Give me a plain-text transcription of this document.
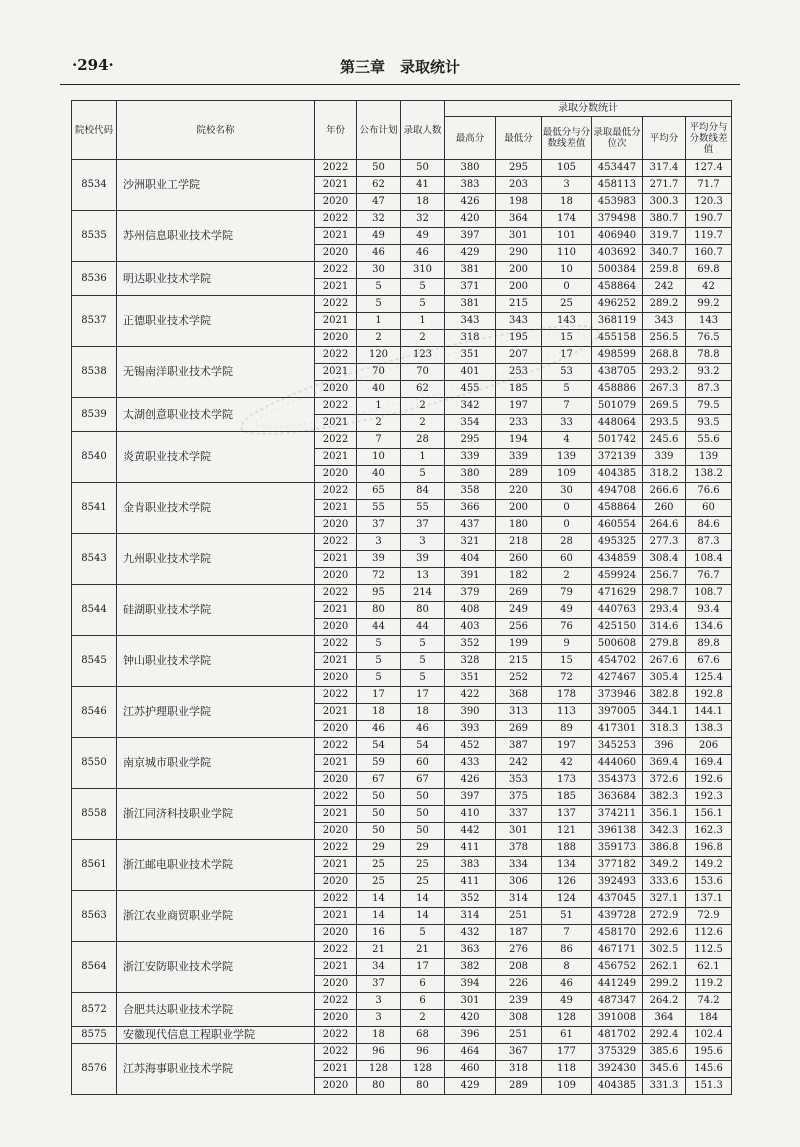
·294·	第三章　录取统计
院校代码	院校名称	年份	公布计划	录取人数	录取分数统计					
					最高分	最低分	最低分与分数线差值	录取最低分位次	平均分	平均分与分数线差值
8534	沙洲职业工学院	2022	50	50	380	295	105	453447	317.4	127.4
		2021	62	41	383	203	3	458113	271.7	71.7
		2020	47	18	426	198	18	453983	300.3	120.3
8535	苏州信息职业技术学院	2022	32	32	420	364	174	379498	380.7	190.7
		2021	49	49	397	301	101	406940	319.7	119.7
		2020	46	46	429	290	110	403692	340.7	160.7
8536	明达职业技术学院	2022	30	310	381	200	10	500384	259.8	69.8
		2021	5	5	371	200	0	458864	242	42
8537	正德职业技术学院	2022	5	5	381	215	25	496252	289.2	99.2
		2021	1	1	343	343	143	368119	343	143
		2020	2	2	318	195	15	455158	256.5	76.5
8538	无锡南洋职业技术学院	2022	120	123	351	207	17	498599	268.8	78.8
		2021	70	70	401	253	53	438705	293.2	93.2
		2020	40	62	455	185	5	458886	267.3	87.3
8539	太湖创意职业技术学院	2022	1	2	342	197	7	501079	269.5	79.5
		2021	2	2	354	233	33	448064	293.5	93.5
8540	炎黄职业技术学院	2022	7	28	295	194	4	501742	245.6	55.6
		2021	10	1	339	339	139	372139	339	139
		2020	40	5	380	289	109	404385	318.2	138.2
8541	金肯职业技术学院	2022	65	84	358	220	30	494708	266.6	76.6
		2021	55	55	366	200	0	458864	260	60
		2020	37	37	437	180	0	460554	264.6	84.6
8543	九州职业技术学院	2022	3	3	321	218	28	495325	277.3	87.3
		2021	39	39	404	260	60	434859	308.4	108.4
		2020	72	13	391	182	2	459924	256.7	76.7
8544	硅湖职业技术学院	2022	95	214	379	269	79	471629	298.7	108.7
		2021	80	80	408	249	49	440763	293.4	93.4
		2020	44	44	403	256	76	425150	314.6	134.6
8545	钟山职业技术学院	2022	5	5	352	199	9	500608	279.8	89.8
		2021	5	5	328	215	15	454702	267.6	67.6
		2020	5	5	351	252	72	427467	305.4	125.4
8546	江苏护理职业学院	2022	17	17	422	368	178	373946	382.8	192.8
		2021	18	18	390	313	113	397005	344.1	144.1
		2020	46	46	393	269	89	417301	318.3	138.3
8550	南京城市职业学院	2022	54	54	452	387	197	345253	396	206
		2021	59	60	433	242	42	444060	369.4	169.4
		2020	67	67	426	353	173	354373	372.6	192.6
8558	浙江同济科技职业学院	2022	50	50	397	375	185	363684	382.3	192.3
		2021	50	50	410	337	137	374211	356.1	156.1
		2020	50	50	442	301	121	396138	342.3	162.3
8561	浙江邮电职业技术学院	2022	29	29	411	378	188	359173	386.8	196.8
		2021	25	25	383	334	134	377182	349.2	149.2
		2020	25	25	411	306	126	392493	333.6	153.6
8563	浙江农业商贸职业学院	2022	14	14	352	314	124	437045	327.1	137.1
		2021	14	14	314	251	51	439728	272.9	72.9
		2020	16	5	432	187	7	458170	292.6	112.6
8564	浙江安防职业技术学院	2022	21	21	363	276	86	467171	302.5	112.5
		2021	34	17	382	208	8	456752	262.1	62.1
		2020	37	6	394	226	46	441249	299.2	119.2
8572	合肥共达职业技术学院	2022	3	6	301	239	49	487347	264.2	74.2
		2020	3	2	420	308	128	391008	364	184
8575	安徽现代信息工程职业学院	2022	18	68	396	251	61	481702	292.4	102.4
8576	江苏海事职业技术学院	2022	96	96	464	367	177	375329	385.6	195.6
		2021	128	128	460	318	118	392430	345.6	145.6
		2020	80	80	429	289	109	404385	331.3	151.3
